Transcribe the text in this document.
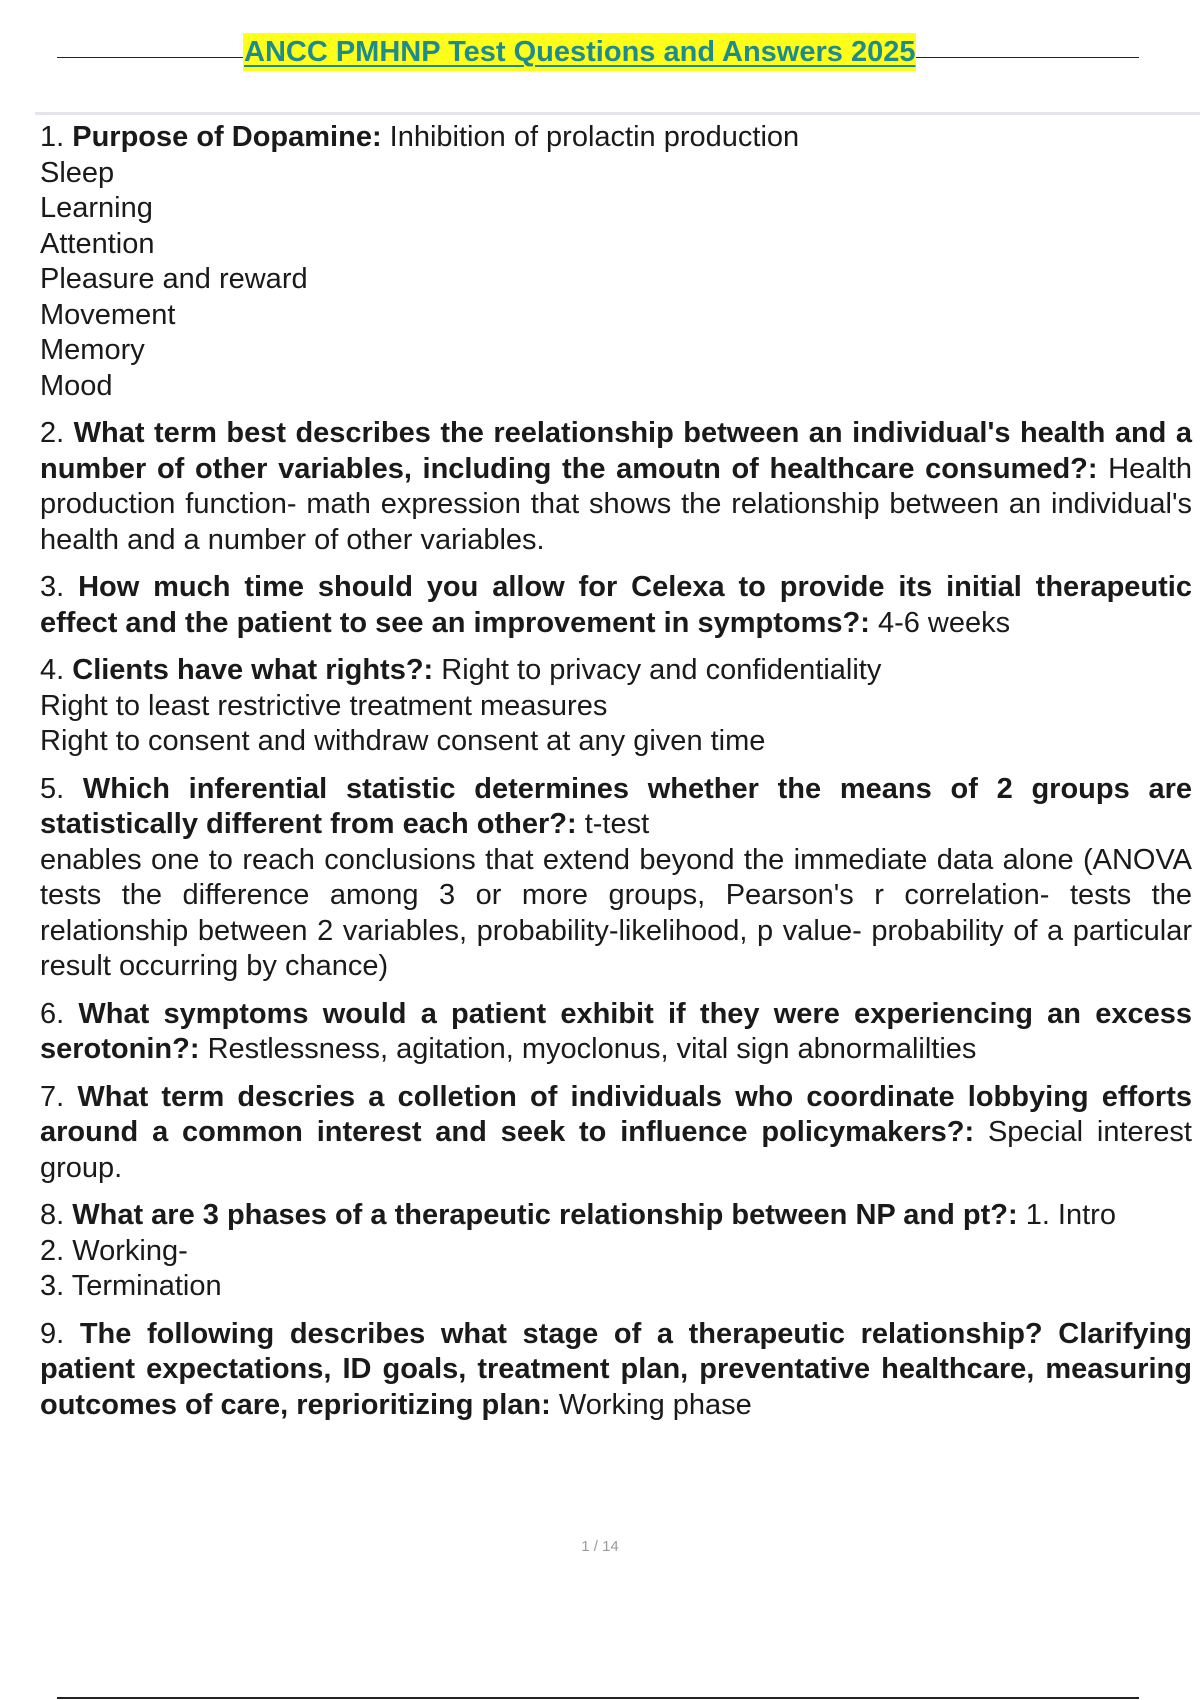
ANCC PMHNP Test Questions and Answers 2025
1. Purpose of Dopamine: Inhibition of prolactin production
Sleep
Learning
Attention
Pleasure and reward
Movement
Memory
Mood
2. What term best describes the reelationship between an individual's health and a number of other variables, including the amoutn of healthcare consumed?: Health production function- math expression that shows the relationship between an individual's health and a number of other variables.
3. How much time should you allow for Celexa to provide its initial therapeutic effect and the patient to see an improvement in symptoms?: 4-6 weeks
4. Clients have what rights?: Right to privacy and confidentiality
Right to least restrictive treatment measures
Right to consent and withdraw consent at any given time
5. Which inferential statistic determines whether the means of 2 groups are statistically different from each other?: t-test
enables one to reach conclusions that extend beyond the immediate data alone (ANOVA tests the difference among 3 or more groups, Pearson's r correlation- tests the relationship between 2 variables, probability-likelihood, p value- probability of a particular result occurring by chance)
6. What symptoms would a patient exhibit if they were experiencing an excess serotonin?: Restlessness, agitation, myoclonus, vital sign abnormalilties
7. What term descries a colletion of individuals who coordinate lobbying efforts around a common interest and seek to influence policymakers?: Special interest group.
8. What are 3 phases of a therapeutic relationship between NP and pt?: 1. Intro
2. Working-
3. Termination
9. The following describes what stage of a therapeutic relationship? Clarifying patient expectations, ID goals, treatment plan, preventative healthcare, measuring outcomes of care, reprioritizing plan: Working phase
1 / 14
